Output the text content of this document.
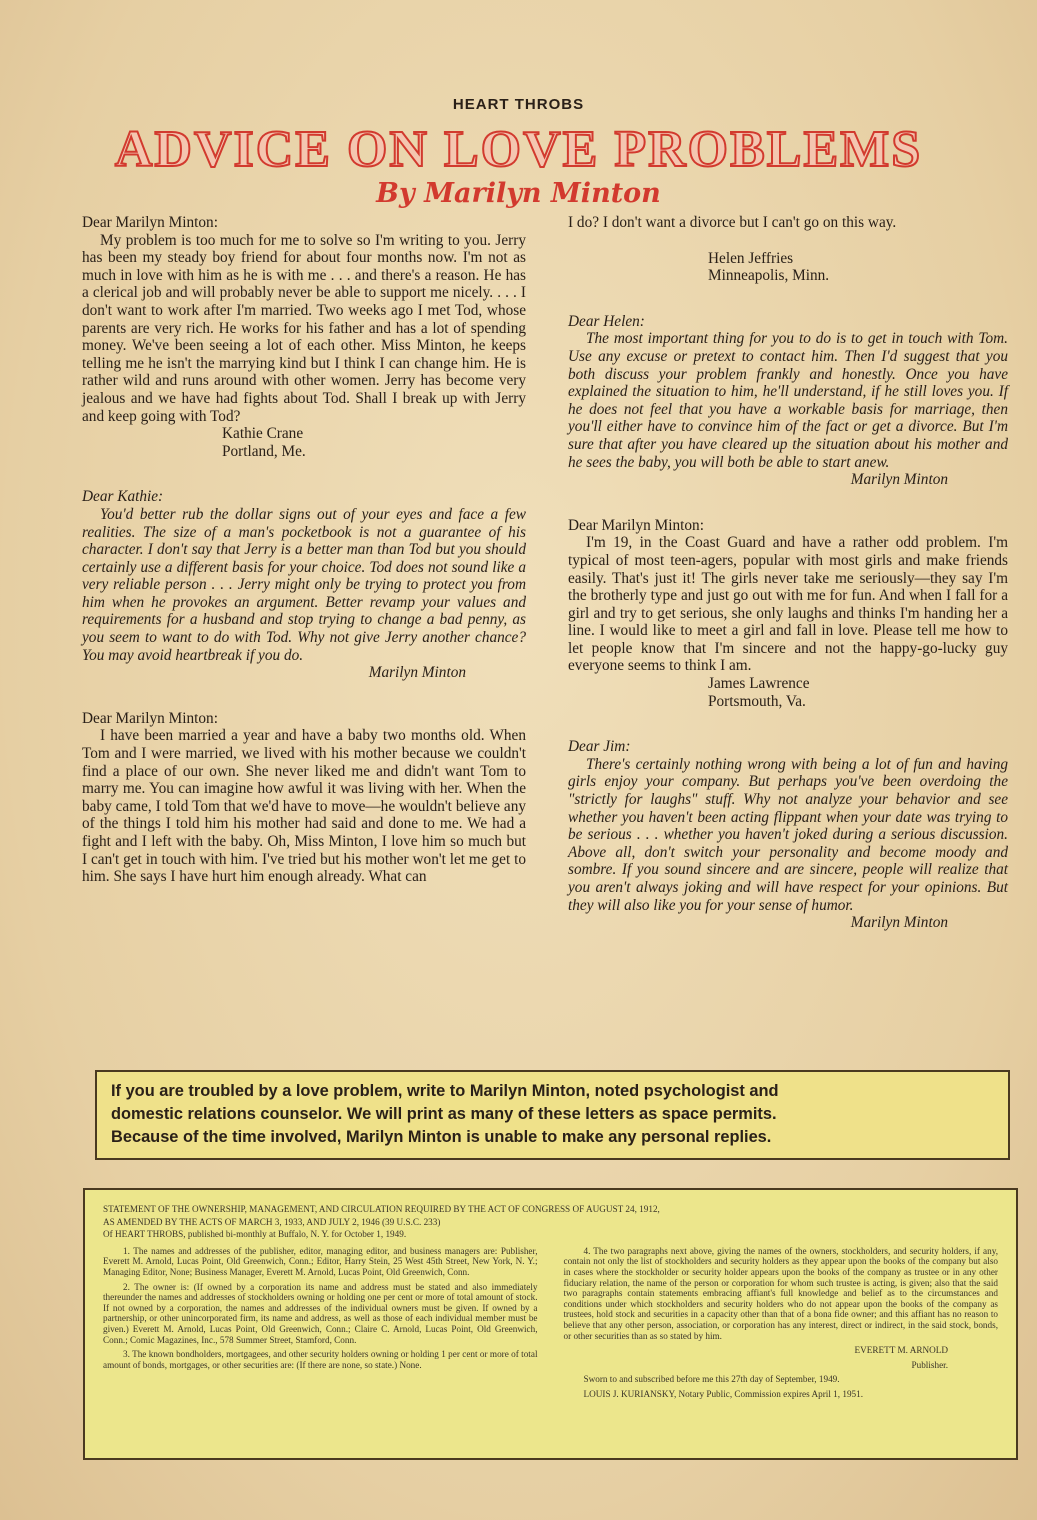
HEART THROBS
ADVICE ON LOVE PROBLEMS
By Marilyn Minton

Dear Marilyn Minton:

My problem is too much for me to solve so I'm writing to you. Jerry has been my steady boy friend for about four months now. I'm not as much in love with him as he is with me . . . and there's a reason. He has a clerical job and will probably never be able to support me nicely. . . . I don't want to work after I'm married. Two weeks ago I met Tod, whose parents are very rich. He works for his father and has a lot of spending money. We've been seeing a lot of each other. Miss Minton, he keeps telling me he isn't the marrying kind but I think I can change him. He is rather wild and runs around with other women. Jerry has become very jealous and we have had fights about Tod. Shall I break up with Jerry and keep going with Tod?

Kathie Crane

Portland, Me.

Dear Kathie:

You'd better rub the dollar signs out of your eyes and face a few realities. The size of a man's pocketbook is not a guarantee of his character. I don't say that Jerry is a better man than Tod but you should certainly use a different basis for your choice. Tod does not sound like a very reliable person . . . Jerry might only be trying to protect you from him when he provokes an argument. Better revamp your values and requirements for a husband and stop trying to change a bad penny, as you seem to want to do with Tod. Why not give Jerry another chance? You may avoid heartbreak if you do.

Marilyn Minton

Dear Marilyn Minton:

I have been married a year and have a baby two months old. When Tom and I were married, we lived with his mother because we couldn't find a place of our own. She never liked me and didn't want Tom to marry me. You can imagine how awful it was living with her. When the baby came, I told Tom that we'd have to move—he wouldn't believe any of the things I told him his mother had said and done to me. We had a fight and I left with the baby. Oh, Miss Minton, I love him so much but I can't get in touch with him. I've tried but his mother won't let me get to him. She says I have hurt him enough already. What can

I do? I don't want a divorce but I can't go on this way.

Helen Jeffries

Minneapolis, Minn.

Dear Helen:

The most important thing for you to do is to get in touch with Tom. Use any excuse or pretext to contact him. Then I'd suggest that you both discuss your problem frankly and honestly. Once you have explained the situation to him, he'll understand, if he still loves you. If he does not feel that you have a workable basis for marriage, then you'll either have to convince him of the fact or get a divorce. But I'm sure that after you have cleared up the situation about his mother and he sees the baby, you will both be able to start anew.

Marilyn Minton

Dear Marilyn Minton:

I'm 19, in the Coast Guard and have a rather odd problem. I'm typical of most teen-agers, popular with most girls and make friends easily. That's just it! The girls never take me seriously—they say I'm the brotherly type and just go out with me for fun. And when I fall for a girl and try to get serious, she only laughs and thinks I'm handing her a line. I would like to meet a girl and fall in love. Please tell me how to let people know that I'm sincere and not the happy-go-lucky guy everyone seems to think I am.

James Lawrence

Portsmouth, Va.

Dear Jim:

There's certainly nothing wrong with being a lot of fun and having girls enjoy your company. But perhaps you've been overdoing the "strictly for laughs" stuff. Why not analyze your behavior and see whether you haven't been acting flippant when your date was trying to be serious . . . whether you haven't joked during a serious discussion. Above all, don't switch your personality and become moody and sombre. If you sound sincere and are sincere, people will realize that you aren't always joking and will have respect for your opinions. But they will also like you for your sense of humor.

Marilyn Minton

If you are troubled by a love problem, write to Marilyn Minton, noted psychologist and

domestic relations counselor. We will print as many of these letters as space permits.

Because of the time involved, Marilyn Minton is unable to make any personal replies.

STATEMENT OF THE OWNERSHIP, MANAGEMENT, AND CIRCULATION REQUIRED BY THE ACT OF CONGRESS OF AUGUST 24, 1912,

AS AMENDED BY THE ACTS OF MARCH 3, 1933, AND JULY 2, 1946 (39 U.S.C. 233)

Of HEART THROBS, published bi-monthly at Buffalo, N. Y. for October 1, 1949.

1. The names and addresses of the publisher, editor, managing editor, and business managers are: Publisher, Everett M. Arnold, Lucas Point, Old Greenwich, Conn.; Editor, Harry Stein, 25 West 45th Street, New York, N. Y.; Managing Editor, None; Business Manager, Everett M. Arnold, Lucas Point, Old Greenwich, Conn.

2. The owner is: (If owned by a corporation its name and address must be stated and also immediately thereunder the names and addresses of stockholders owning or holding one per cent or more of total amount of stock. If not owned by a corporation, the names and addresses of the individual owners must be given. If owned by a partnership, or other unincorporated firm, its name and address, as well as those of each individual member must be given.) Everett M. Arnold, Lucas Point, Old Greenwich, Conn.; Claire C. Arnold, Lucas Point, Old Greenwich, Conn.; Comic Magazines, Inc., 578 Summer Street, Stamford, Conn.

3. The known bondholders, mortgagees, and other security holders owning or holding 1 per cent or more of total amount of bonds, mortgages, or other securities are: (If there are none, so state.) None.

4. The two paragraphs next above, giving the names of the owners, stockholders, and security holders, if any, contain not only the list of stockholders and security holders as they appear upon the books of the company but also in cases where the stockholder or security holder appears upon the books of the company as trustee or in any other fiduciary relation, the name of the person or corporation for whom such trustee is acting, is given; also that the said two paragraphs contain statements embracing affiant's full knowledge and belief as to the circumstances and conditions under which stockholders and security holders who do not appear upon the books of the company as trustees, hold stock and securities in a capacity other than that of a bona fide owner; and this affiant has no reason to believe that any other person, association, or corporation has any interest, direct or indirect, in the said stock, bonds, or other securities than as so stated by him.

EVERETT M. ARNOLD

Publisher.

Sworn to and subscribed before me this 27th day of September, 1949.

LOUIS J. KURIANSKY, Notary Public, Commission expires April 1, 1951.
